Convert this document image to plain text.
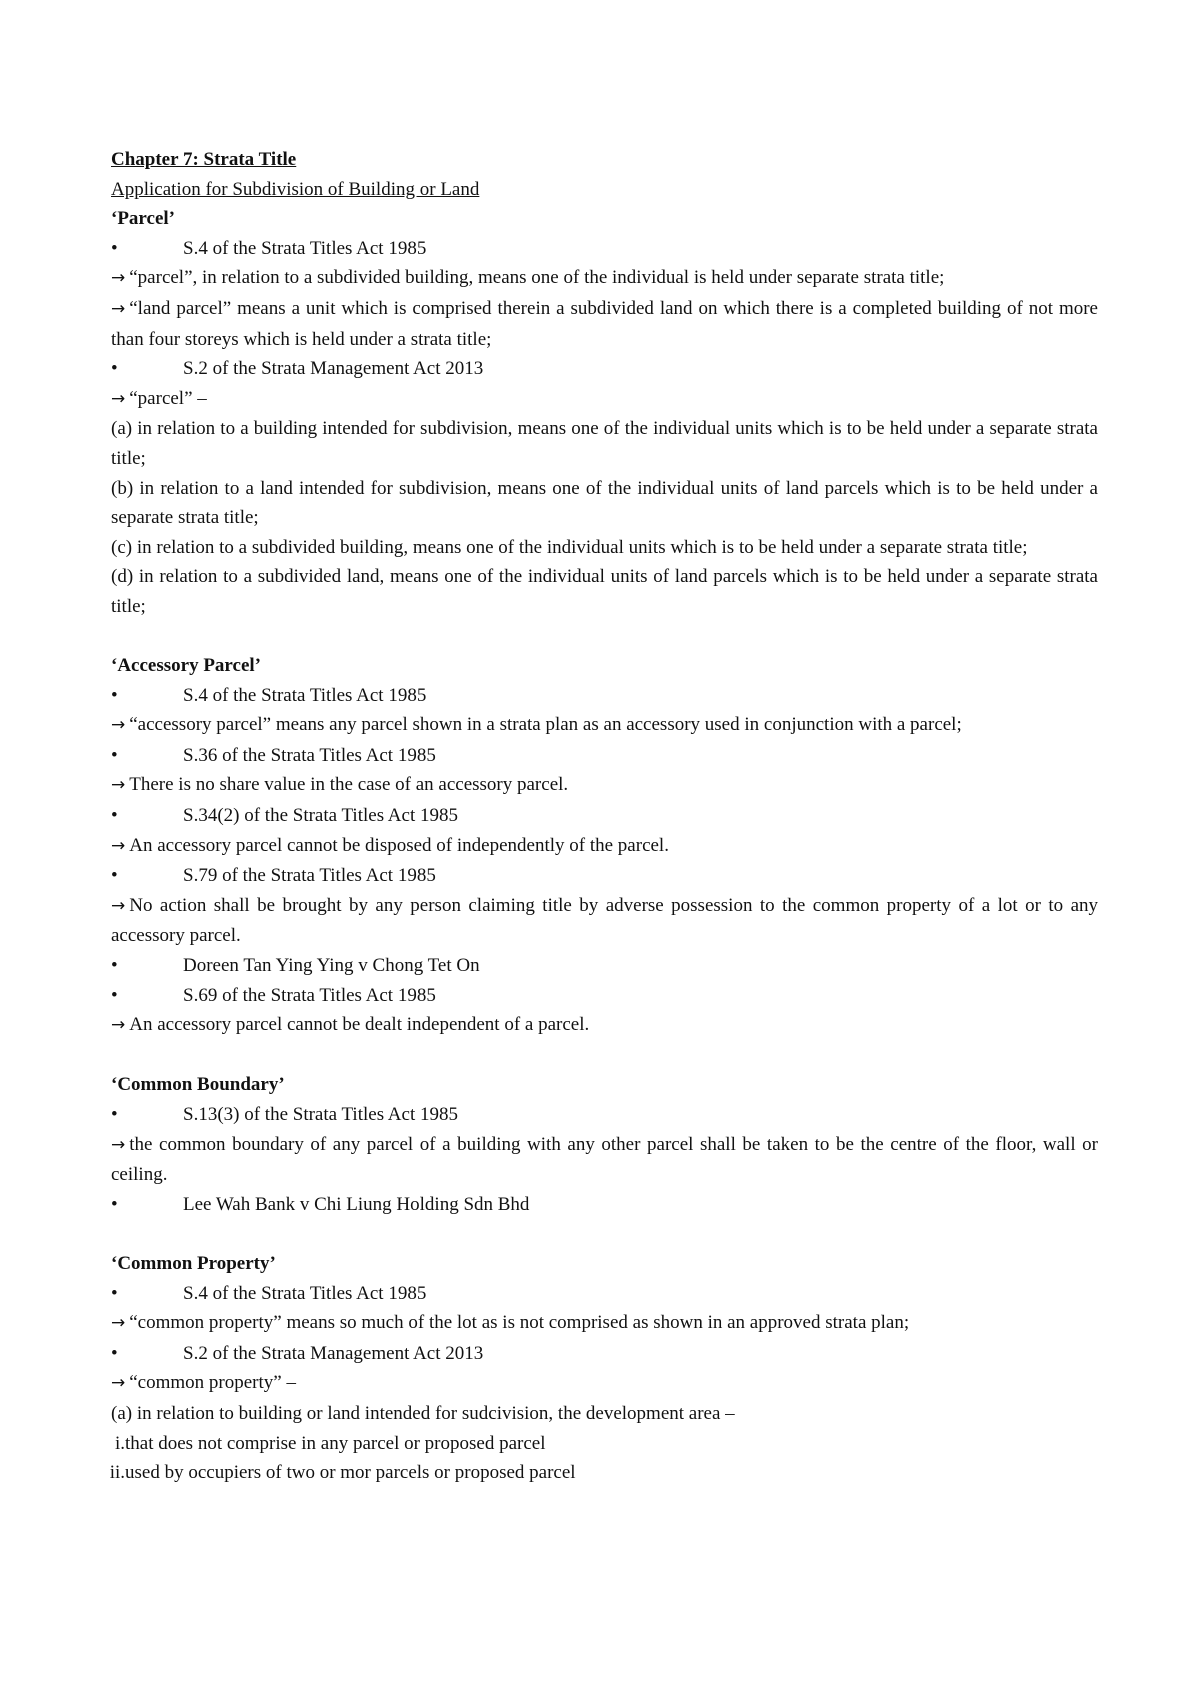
Chapter 7: Strata Title

Application for Subdivision of Building or Land

‘Parcel’

•	S.4 of the Strata Titles Act 1985

→ “parcel”, in relation to a subdivided building, means one of the individual is held under separate strata title;

→ “land parcel” means a unit which is comprised therein a subdivided land on which there is a completed building of not more than four storeys which is held under a strata title;

•	S.2 of the Strata Management Act 2013

→ “parcel” –

(a) in relation to a building intended for subdivision, means one of the individual units which is to be held under a separate strata title;

(b) in relation to a land intended for subdivision, means one of the individual units of land parcels which is to be held under a separate strata title;

(c) in relation to a subdivided building, means one of the individual units which is to be held under a separate strata title;

(d) in relation to a subdivided land, means one of the individual units of land parcels which is to be held under a separate strata title;

‘Accessory Parcel’

•	S.4 of the Strata Titles Act 1985

→ “accessory parcel” means any parcel shown in a strata plan as an accessory used in conjunction with a parcel;

•	S.36 of the Strata Titles Act 1985

→ There is no share value in the case of an accessory parcel.

•	S.34(2) of the Strata Titles Act 1985

→ An accessory parcel cannot be disposed of independently of the parcel.

•	S.79 of the Strata Titles Act 1985

→ No action shall be brought by any person claiming title by adverse possession to the common property of a lot or to any accessory parcel.

•	Doreen Tan Ying Ying v Chong Tet On
•	S.69 of the Strata Titles Act 1985

→ An accessory parcel cannot be dealt independent of a parcel.

‘Common Boundary’

•	S.13(3) of the Strata Titles Act 1985

→ the common boundary of any parcel of a building with any other parcel shall be taken to be the centre of the floor, wall or ceiling.

•	Lee Wah Bank v Chi Liung Holding Sdn Bhd

‘Common Property’

•	S.4 of the Strata Titles Act 1985

→ “common property” means so much of the lot as is not comprised as shown in an approved strata plan;

•	S.2 of the Strata Management Act 2013

→ “common property” –

(a) in relation to building or land intended for sudcivision, the development area –

i. that does not comprise in any parcel or proposed parcel
ii. used by occupiers of two or mor parcels or proposed parcel
